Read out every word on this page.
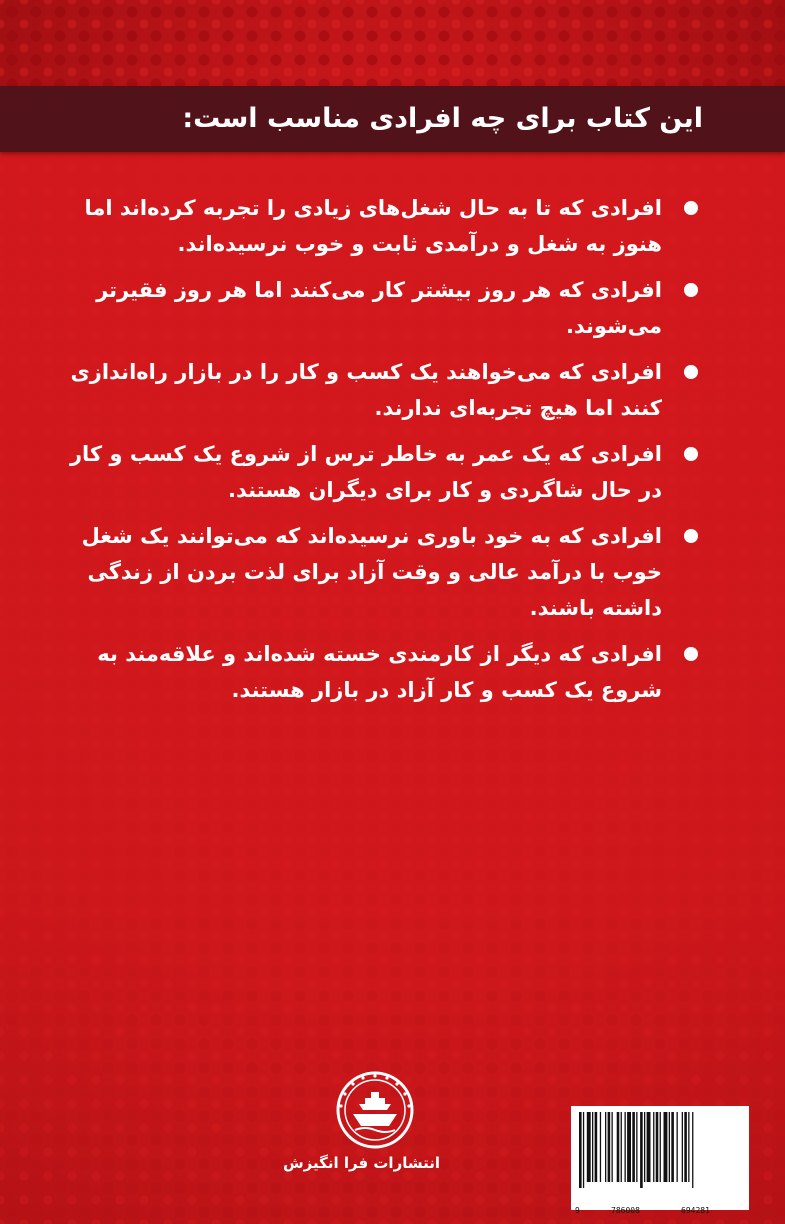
این کتاب برای چه افرادی مناسب است:
افرادی که تا به حال شغل‌های زیادی را تجربه کرده‌اند اما هنوز به شغل و درآمدی ثابت و خوب نرسیده‌اند.
افرادی که هر روز بیشتر کار می‌کنند اما هر روز فقیرتر می‌شوند.
افرادی که می‌خواهند یک کسب و کار را در بازار راه‌اندازی کنند اما هیچ تجربه‌ای ندارند.
افرادی که یک عمر به خاطر ترس از شروع یک کسب و کار در حال شاگردی و کار برای دیگران هستند.
افرادی که به خود باوری نرسیده‌اند که می‌توانند یک شغل خوب با درآمد عالی و وقت آزاد برای لذت بردن از زندگی داشته باشند.
افرادی که دیگر از کارمندی خسته شده‌اند و علاقه‌مند به شروع یک کسب و کار آزاد در بازار هستند.
انتشارات فرا انگیزش
9	786008	694281
